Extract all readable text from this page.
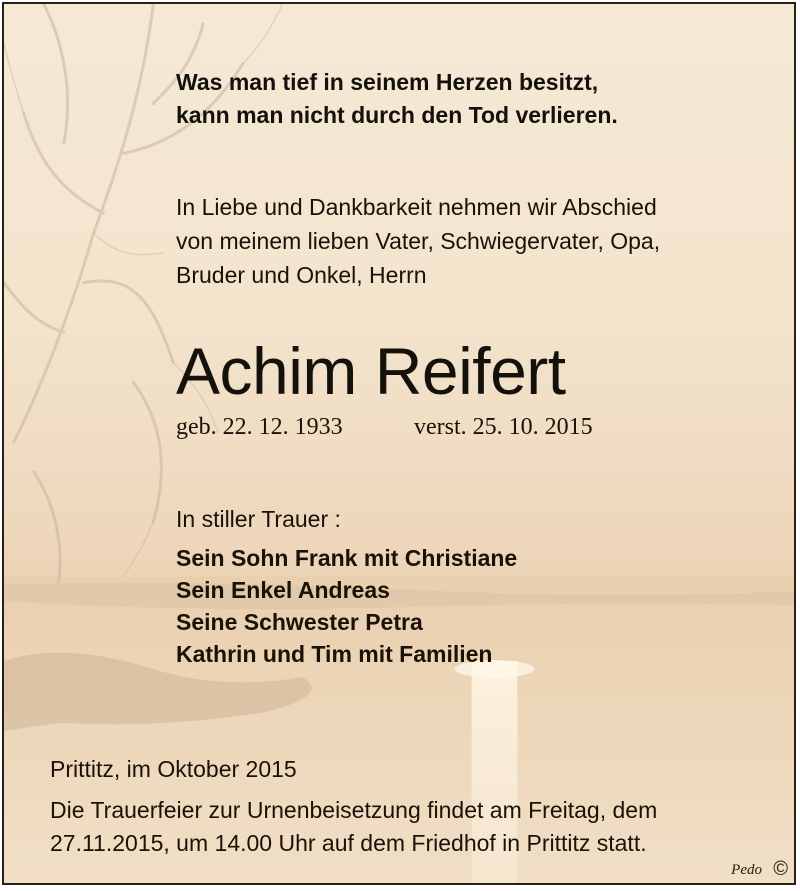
Was man tief in seinem Herzen besitzt,
kann man nicht durch den Tod verlieren.
In Liebe und Dankbarkeit nehmen wir Abschied
von meinem lieben Vater, Schwiegervater, Opa,
Bruder und Onkel, Herrn
Achim Reifert
geb. 22. 12. 1933	verst. 25. 10. 2015
In stiller Trauer :
Sein Sohn Frank mit Christiane
Sein Enkel Andreas
Seine Schwester Petra
Kathrin und Tim mit Familien
Prittitz, im Oktober 2015
Die Trauerfeier zur Urnenbeisetzung findet am Freitag, dem
27.11.2015, um 14.00 Uhr auf dem Friedhof in Prittitz statt.
Pedo ©
